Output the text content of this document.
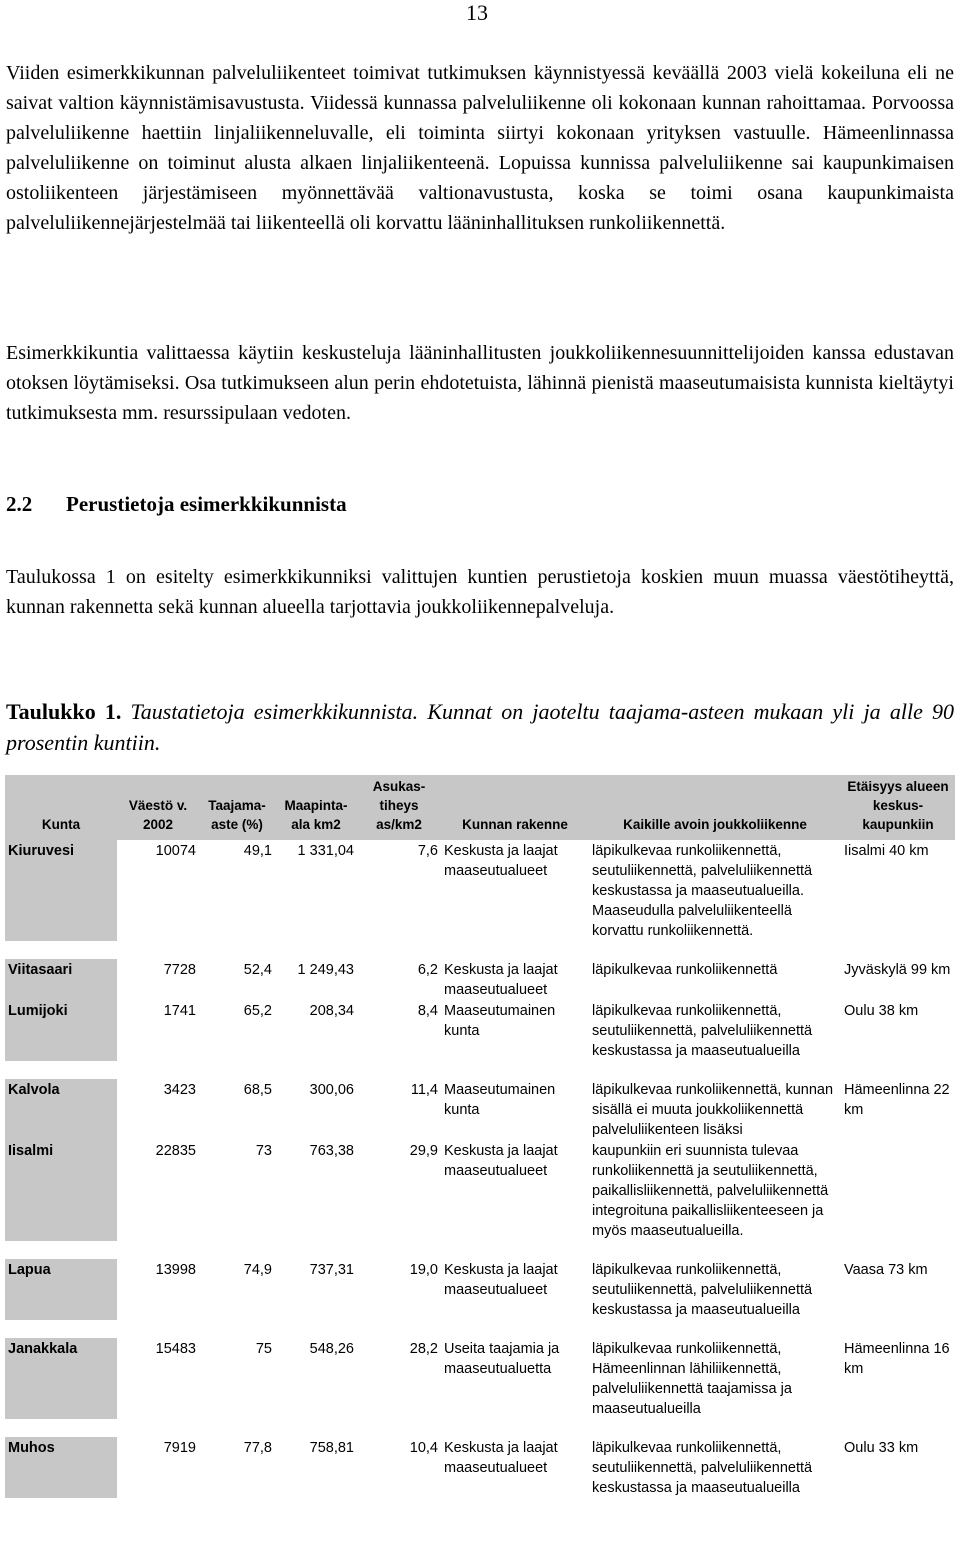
13

Viiden esimerkkikunnan palveluliikenteet toimivat tutkimuksen käynnistyessä keväällä 2003 vielä kokeiluna eli ne saivat valtion käynnistämisavustusta. Viidessä kunnassa palveluliikenne oli kokonaan kunnan rahoittamaa. Porvoossa palveluliikenne haettiin linjaliikenneluvalle, eli toiminta siirtyi kokonaan yrityksen vastuulle. Hämeenlinnassa palveluliikenne on toiminut alusta alkaen linjaliikenteenä. Lopuissa kunnissa palveluliikenne sai kaupunkimaisen ostoliikenteen järjestämiseen myönnettävää valtionavustusta, koska se toimi osana kaupunkimaista palveluliikennejärjestelmää tai liikenteellä oli korvattu lääninhallituksen runkoliikennettä.

Esimerkkikuntia valittaessa käytiin keskusteluja lääninhallitusten joukkoliikennesuunnittelijoiden kanssa edustavan otoksen löytämiseksi. Osa tutkimukseen alun perin ehdotetuista, lähinnä pienistä maaseutumaisista kunnista kieltäytyi tutkimuksesta mm. resurssipulaan vedoten.

2.2 Perustietoja esimerkkikunnista

Taulukossa 1 on esitelty esimerkkikunniksi valittujen kuntien perustietoja koskien muun muassa väestötiheyttä, kunnan rakennetta sekä kunnan alueella tarjottavia joukkoliikennepalveluja.

Taulukko 1. Taustatietoja esimerkkikunnista. Kunnat on jaoteltu taajama-asteen mukaan yli ja alle 90 prosentin kuntiin.

Kunta	Väestö v. 2002	Taajama-aste (%)	Maapinta-ala km2	Asukas-tiheys as/km2	Kunnan rakenne	Kaikille avoin joukkoliikenne	Etäisyys alueen keskus-kaupunkiin
Kiuruvesi	10074	49,1	1 331,04	7,6	Keskusta ja laajat maaseutualueet	läpikulkevaa runkoliikennettä, seutuliikennettä, palveluliikennettä keskustassa ja maaseutualueilla. Maaseudulla palveluliikenteellä korvattu runkoliikennettä.	Iisalmi 40 km

Viitasaari	7728	52,4	1 249,43	6,2	Keskusta ja laajat maaseutualueet	läpikulkevaa runkoliikennettä	Jyväskylä 99 km
Lumijoki	1741	65,2	208,34	8,4	Maaseutumainen kunta	läpikulkevaa runkoliikennettä, seutuliikennettä, palveluliikennettä keskustassa ja maaseutualueilla	Oulu 38 km

Kalvola	3423	68,5	300,06	11,4	Maaseutumainen kunta	läpikulkevaa runkoliikennettä, kunnan sisällä ei muuta joukkoliikennettä palveluliikenteen lisäksi	Hämeenlinna 22 km
Iisalmi	22835	73	763,38	29,9	Keskusta ja laajat maaseutualueet	kaupunkiin eri suunnista tulevaa runkoliikennettä ja seutuliikennettä, paikallisliikennettä, palveluliikennettä integroituna paikallisliikenteeseen ja myös maaseutualueilla.	

Lapua	13998	74,9	737,31	19,0	Keskusta ja laajat maaseutualueet	läpikulkevaa runkoliikennettä, seutuliikennettä, palveluliikennettä keskustassa ja maaseutualueilla	Vaasa 73 km

Janakkala	15483	75	548,26	28,2	Useita taajamia ja maaseutualuetta	läpikulkevaa runkoliikennettä, Hämeenlinnan lähiliikennettä, palveluliikennettä taajamissa ja maaseutualueilla	Hämeenlinna 16 km

Muhos	7919	77,8	758,81	10,4	Keskusta ja laajat maaseutualueet	läpikulkevaa runkoliikennettä, seutuliikennettä, palveluliikennettä keskustassa ja maaseutualueilla	Oulu 33 km
